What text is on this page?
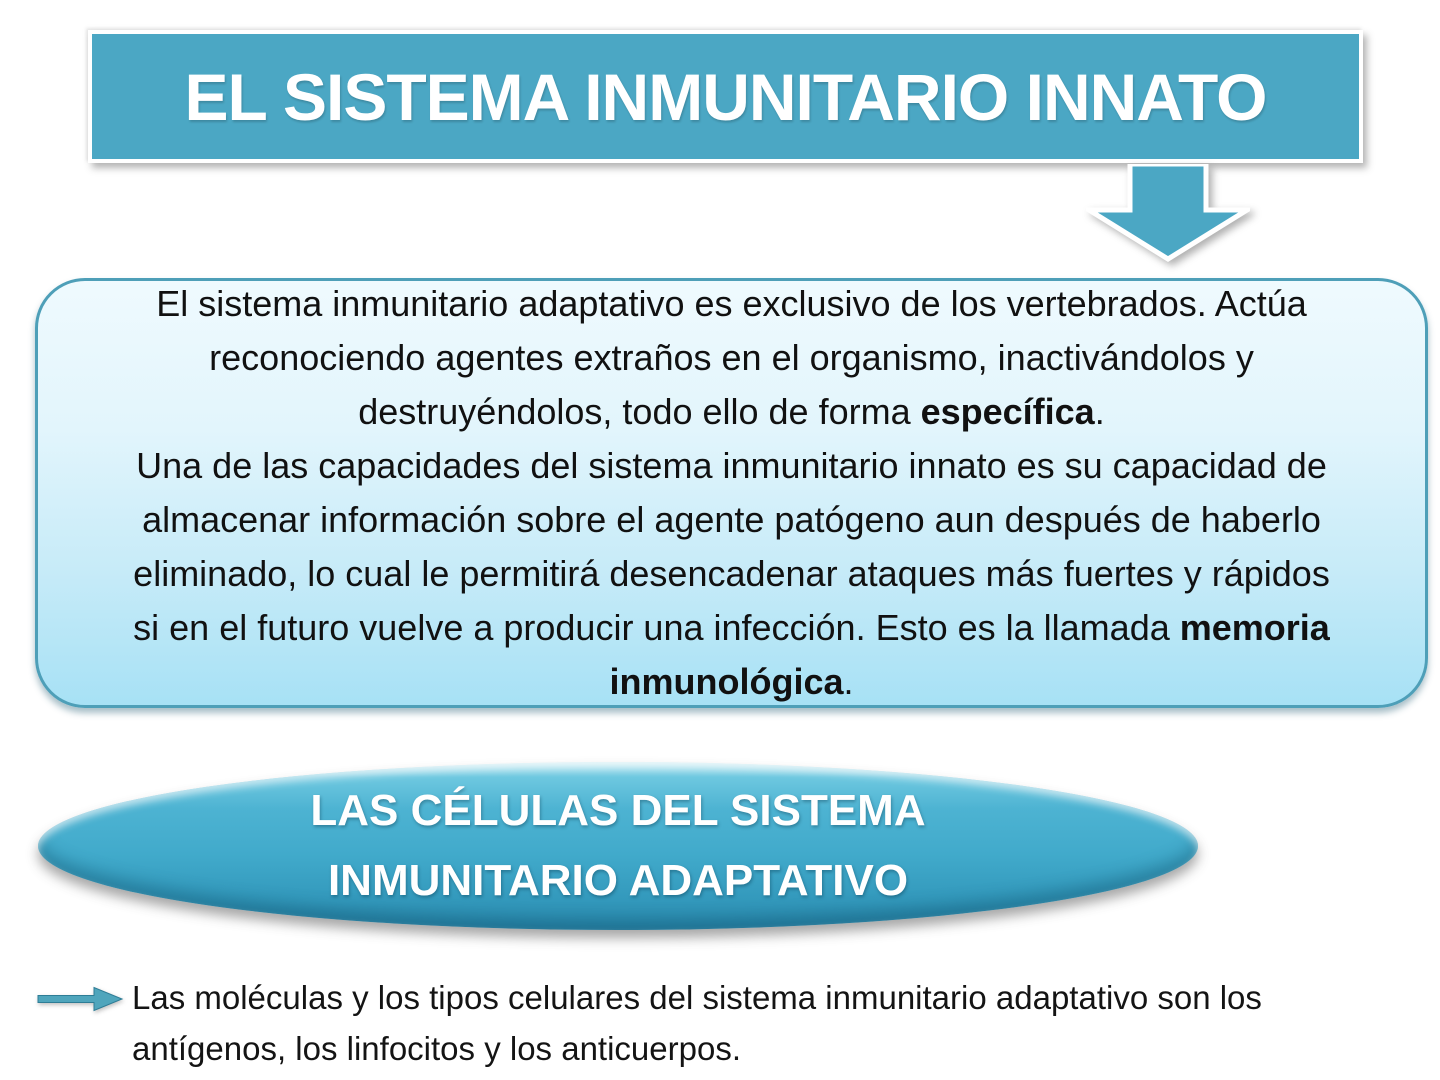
EL SISTEMA INMUNITARIO INNATO

El sistema inmunitario adaptativo es exclusivo de los vertebrados. Actúa
reconociendo agentes extraños en el organismo, inactivándolos y
destruyéndolos, todo ello de forma específica.
Una de las capacidades del sistema inmunitario innato es su capacidad de
almacenar información sobre el agente patógeno aun después de haberlo
eliminado, lo cual le permitirá desencadenar ataques más fuertes y rápidos
si en el futuro vuelve a producir una infección. Esto es la llamada memoria
inmunológica.

LAS CÉLULAS DEL SISTEMA
INMUNITARIO ADAPTATIVO

Las moléculas y los tipos celulares del sistema inmunitario adaptativo son los
antígenos, los linfocitos y los anticuerpos.
